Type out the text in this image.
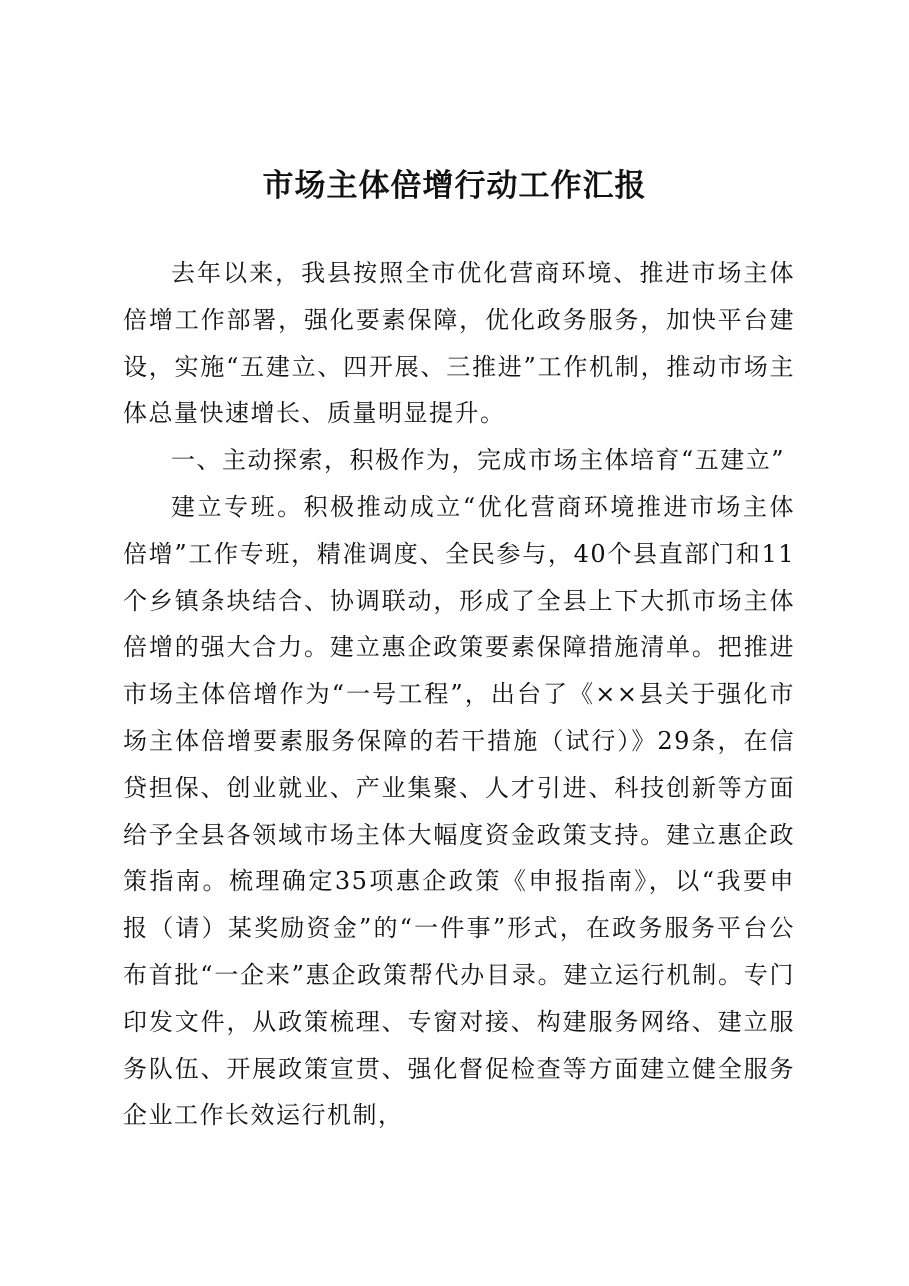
市场主体倍增行动工作汇报

去年以来，我县按照全市优化营商环境、推进市场主体倍增工作部署，强化要素保障，优化政务服务，加快平台建设，实施“五建立、四开展、三推进”工作机制，推动市场主体总量快速增长、质量明显提升。

一、主动探索，积极作为，完成市场主体培育“五建立”

建立专班。积极推动成立“优化营商环境推进市场主体倍增”工作专班，精准调度、全民参与，40个县直部门和11个乡镇条块结合、协调联动，形成了全县上下大抓市场主体倍增的强大合力。建立惠企政策要素保障措施清单。把推进市场主体倍增作为“一号工程”，出台了《××县关于强化市场主体倍增要素服务保障的若干措施（试行）》29条，在信贷担保、创业就业、产业集聚、人才引进、科技创新等方面给予全县各领域市场主体大幅度资金政策支持。建立惠企政策指南。梳理确定35项惠企政策《申报指南》，以“我要申报（请）某奖励资金”的“一件事”形式，在政务服务平台公布首批“一企来”惠企政策帮代办目录。建立运行机制。专门印发文件，从政策梳理、专窗对接、构建服务网络、建立服务队伍、开展政策宣贯、强化督促检查等方面建立健全服务企业工作长效运行机制，
